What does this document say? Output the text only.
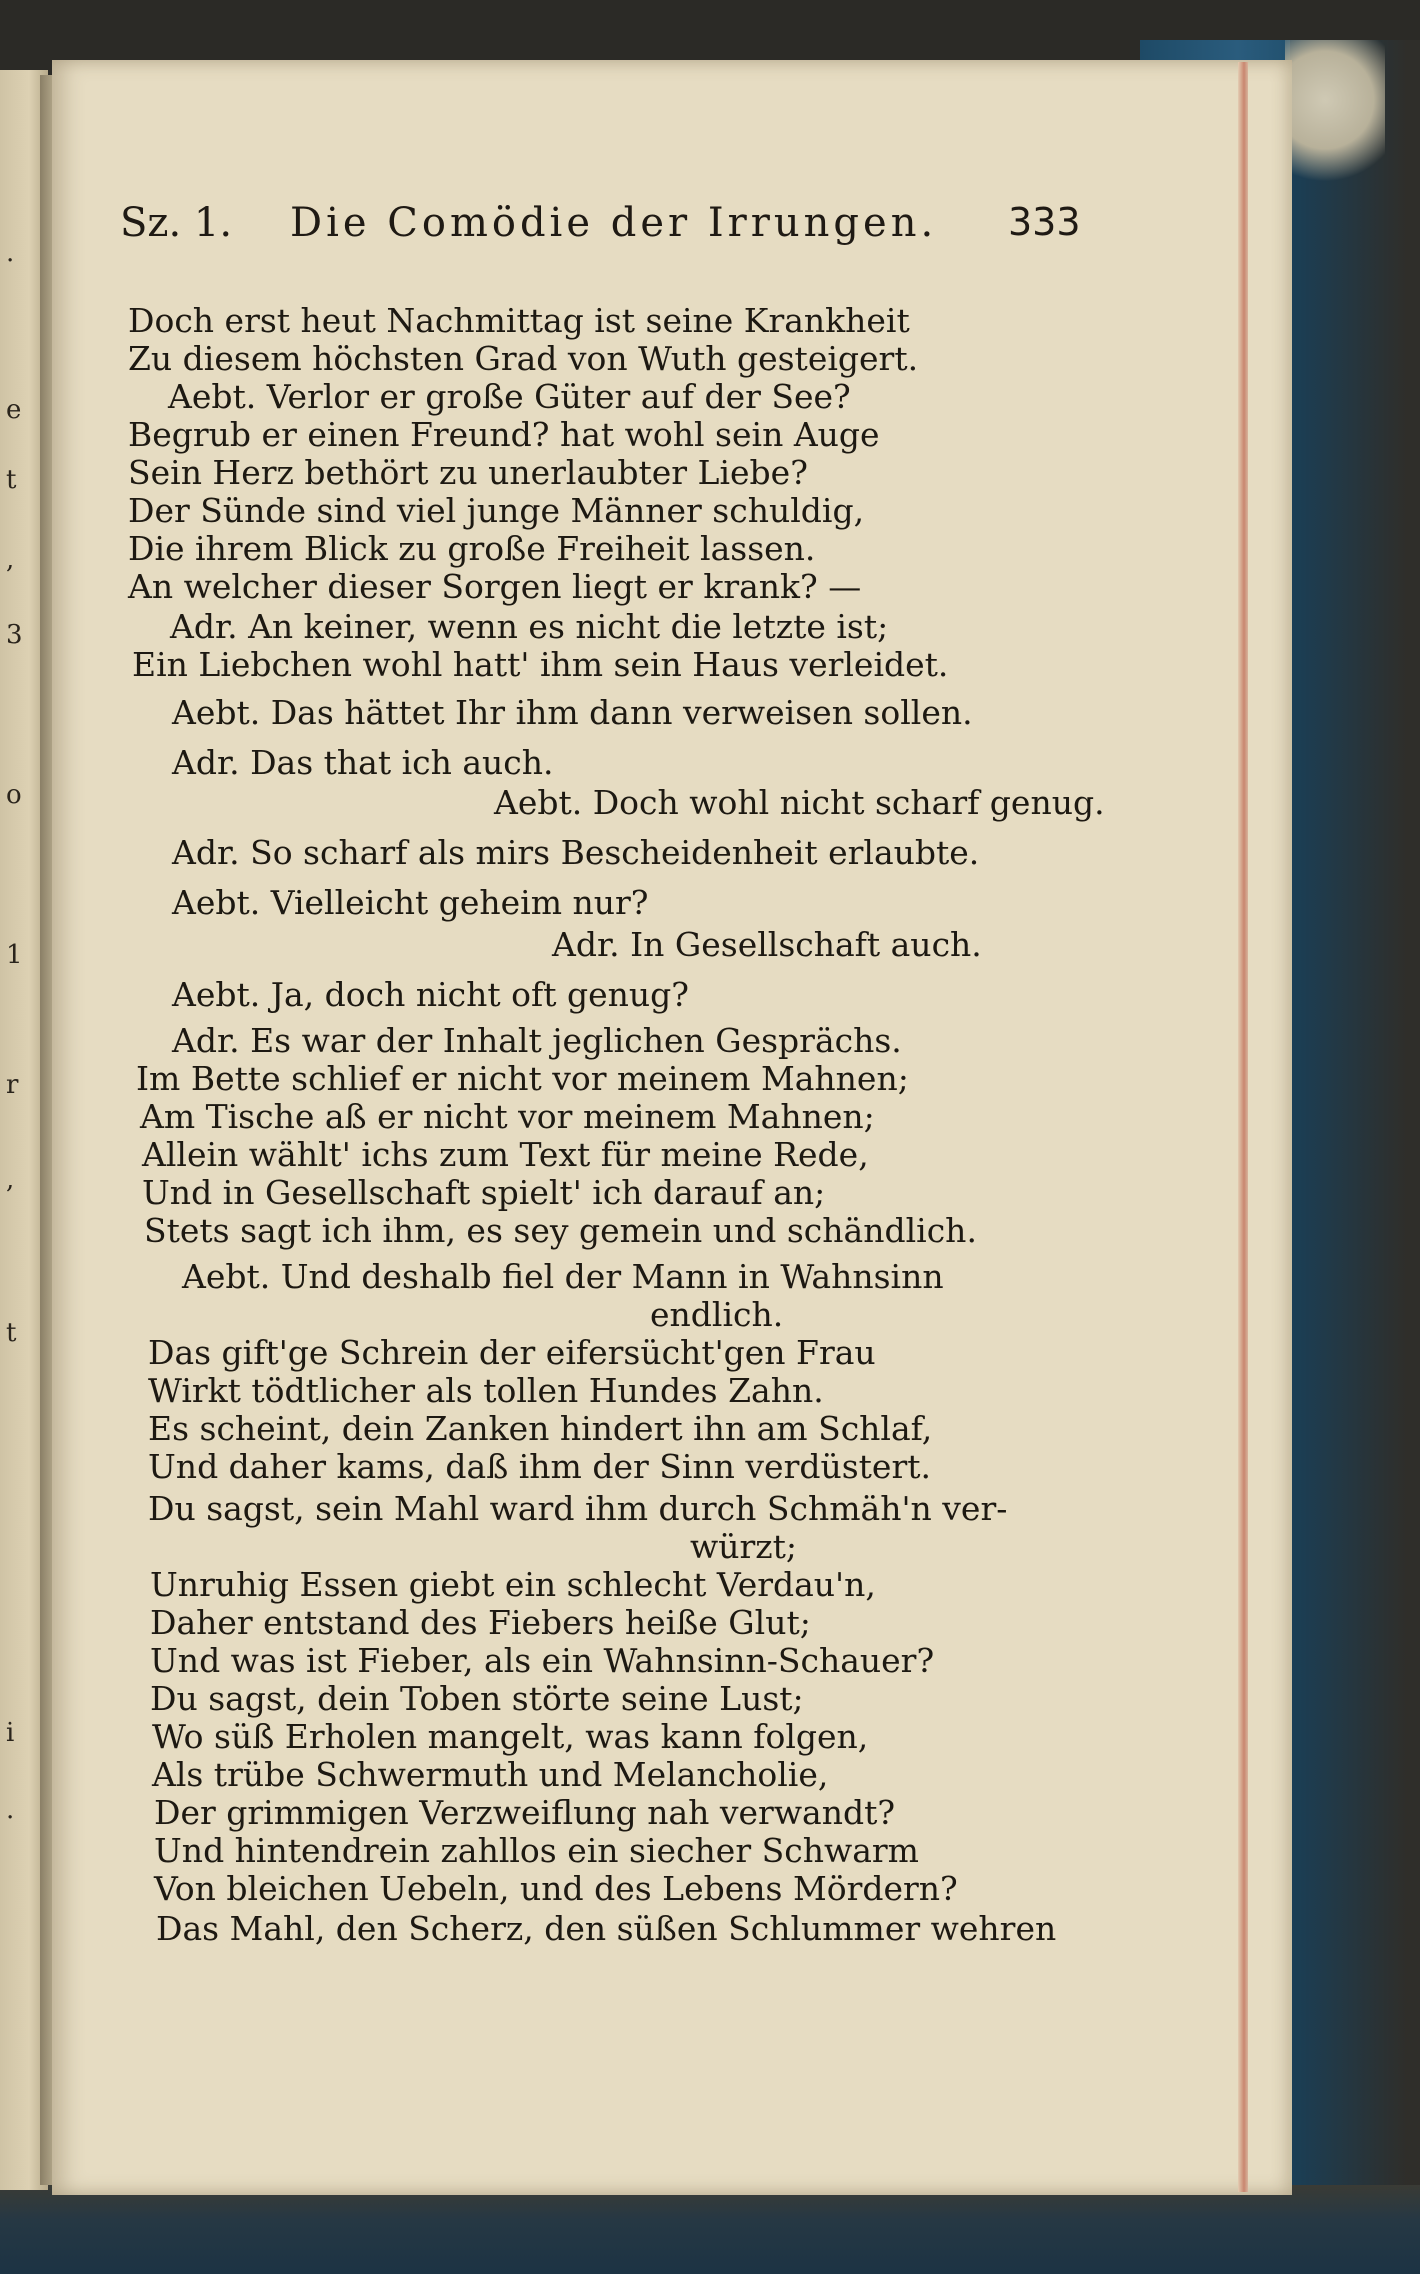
.
e
t
,
3
o
1
r
,
t
i
.
Sz. 1. Die Comödie der Irrungen. 333
Doch erst heut Nachmittag ist seine Krankheit
Zu diesem höchsten Grad von Wuth gesteigert.
Aebt. Verlor er große Güter auf der See?
Begrub er einen Freund? hat wohl sein Auge
Sein Herz bethört zu unerlaubter Liebe?
Der Sünde sind viel junge Männer schuldig,
Die ihrem Blick zu große Freiheit lassen.
An welcher dieser Sorgen liegt er krank? —
Adr. An keiner, wenn es nicht die letzte ist;
Ein Liebchen wohl hatt' ihm sein Haus verleidet.
Aebt. Das hättet Ihr ihm dann verweisen sollen.
Adr. Das that ich auch.
Aebt. Doch wohl nicht scharf genug.
Adr. So scharf als mirs Bescheidenheit erlaubte.
Aebt. Vielleicht geheim nur?
Adr. In Gesellschaft auch.
Aebt. Ja, doch nicht oft genug?
Adr. Es war der Inhalt jeglichen Gesprächs.
Im Bette schlief er nicht vor meinem Mahnen;
Am Tische aß er nicht vor meinem Mahnen;
Allein wählt' ichs zum Text für meine Rede,
Und in Gesellschaft spielt' ich darauf an;
Stets sagt ich ihm, es sey gemein und schändlich.
Aebt. Und deshalb fiel der Mann in Wahnsinn
endlich.
Das gift'ge Schrein der eifersücht'gen Frau
Wirkt tödtlicher als tollen Hundes Zahn.
Es scheint, dein Zanken hindert ihn am Schlaf,
Und daher kams, daß ihm der Sinn verdüstert.
Du sagst, sein Mahl ward ihm durch Schmäh'n ver-
würzt;
Unruhig Essen giebt ein schlecht Verdau'n,
Daher entstand des Fiebers heiße Glut;
Und was ist Fieber, als ein Wahnsinn-Schauer?
Du sagst, dein Toben störte seine Lust;
Wo süß Erholen mangelt, was kann folgen,
Als trübe Schwermuth und Melancholie,
Der grimmigen Verzweiflung nah verwandt?
Und hintendrein zahllos ein siecher Schwarm
Von bleichen Uebeln, und des Lebens Mördern?
Das Mahl, den Scherz, den süßen Schlummer wehren
